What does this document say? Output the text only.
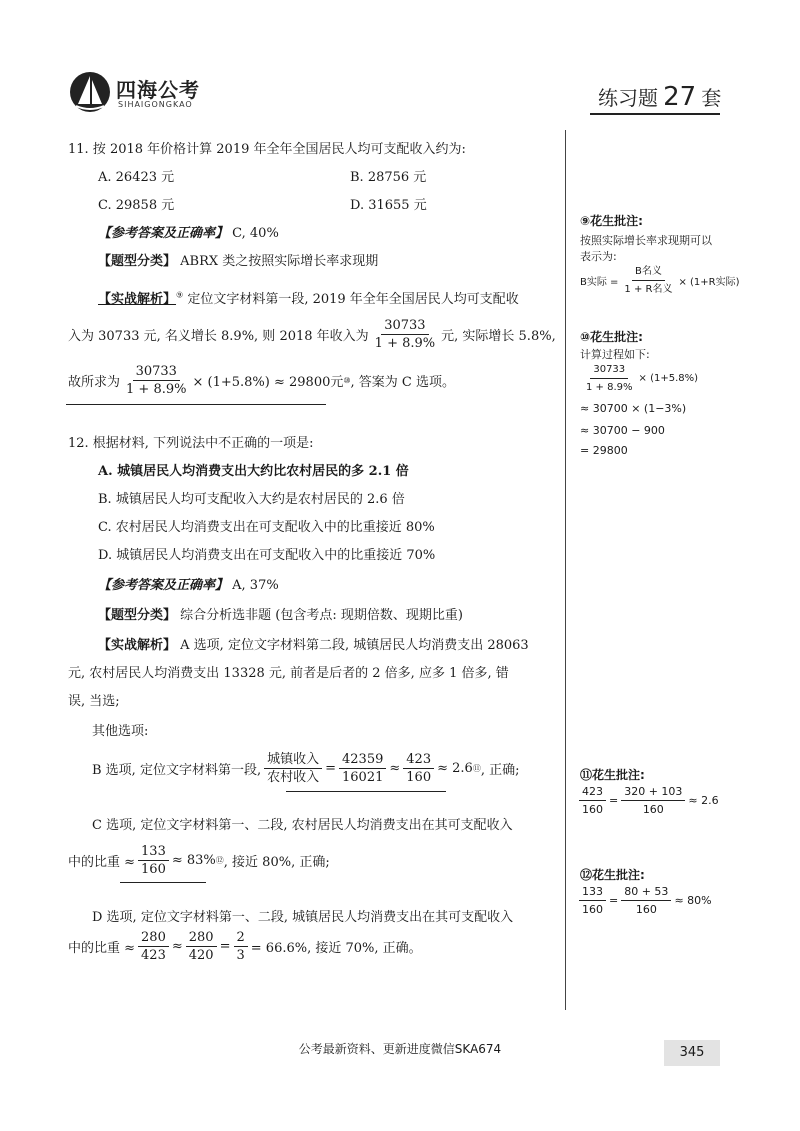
四海公考
SIHAIGONGKAO	练习题 27 套
11. 按 2018 年价格计算 2019 年全年全国居民人均可支配收入约为:
A. 26423 元	B. 28756 元
C. 29858 元	D. 31655 元
【参考答案及正确率】 C, 40%
【题型分类】 ABRX 类之按照实际增长率求现期
【实战解析】⑨ 定位文字材料第一段, 2019 年全年全国居民人均可支配收
入为 30733 元, 名义增长 8.9%, 则 2018 年收入为 $\frac{30733}{1 + 8.9\%}$ 元, 实际增长 5.8%,
故所求为 $\frac{30733}{1 + 8.9\%} \times (1+5.8\%) \approx 29800$元 ⑩ , 答案为 C 选项。
12. 根据材料, 下列说法中不正确的一项是:
A. 城镇居民人均消费支出大约比农村居民的多 2.1 倍
B. 城镇居民人均可支配收入大约是农村居民的 2.6 倍
C. 农村居民人均消费支出在可支配收入中的比重接近 80%
D. 城镇居民人均消费支出在可支配收入中的比重接近 70%
【参考答案及正确率】 A, 37%
【题型分类】 综合分析选非题 (包含考点: 现期倍数、现期比重)
【实战解析】 A 选项, 定位文字材料第二段, 城镇居民人均消费支出 28063
元, 农村居民人均消费支出 13328 元, 前者是后者的 2 倍多, 应多 1 倍多, 错
误, 当选;
其他选项:
B 选项, 定位文字材料第一段, $\frac{\text{城镇收入}}{\text{农村收入}} = \frac{42359}{16021} \approx \frac{423}{160} \approx 2.6$ ⑪ , 正确;
C 选项, 定位文字材料第一、二段, 农村居民人均消费支出在其可支配收入
中的比重 ≈ $\frac{133}{160} \approx 83\%$ ⑫ , 接近 80%, 正确;
D 选项, 定位文字材料第一、二段, 城镇居民人均消费支出在其可支配收入
中的比重 ≈ $\frac{280}{423} \approx \frac{280}{420} = \frac{2}{3} = 66.6\%$, 接近 70%, 正确。
⑨花生批注:
按照实际增长率求现期可以
表示为:
B实际 = $\frac{\text{B名义}}{\text{1 + R名义}} \times (1+R$实际)
⑩花生批注:
计算过程如下:
$\frac{30733}{1 + 8.9\%} \times (1+5.8\%)$
≈ 30700 × (1−3%)
≈ 30700 − 900
= 29800
⑪花生批注:
$\frac{423}{160} = \frac{320 + 103}{160} \approx 2.6$
⑫花生批注:
$\frac{133}{160} = \frac{80 + 53}{160} \approx 80\%$
公考最新资料、更新进度微信SKA674	345
